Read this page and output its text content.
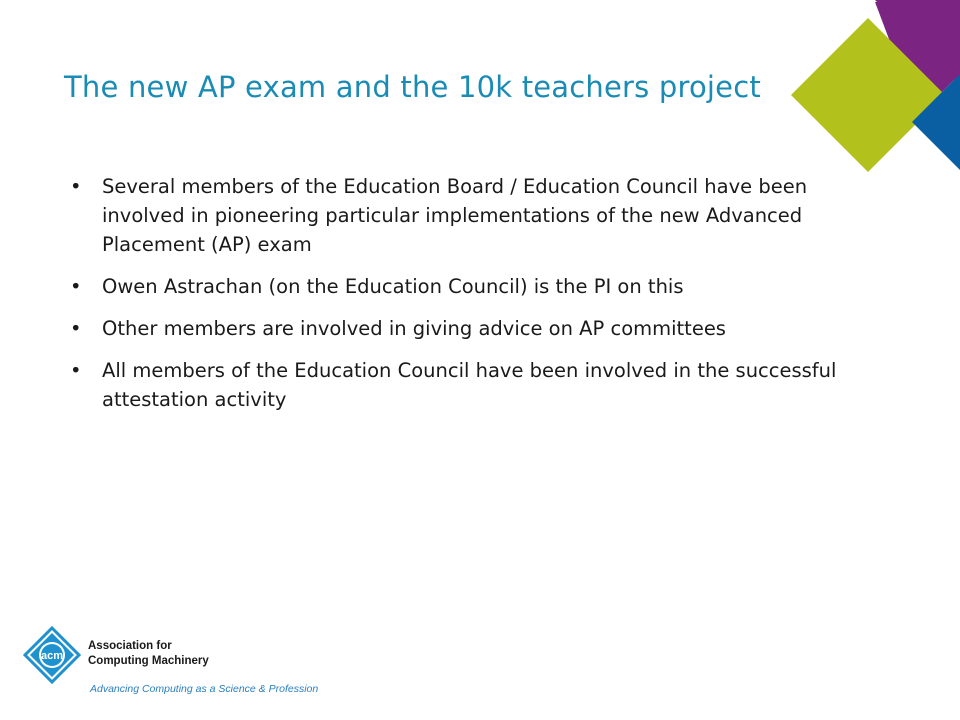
The new AP exam and the 10k teachers project
• Several members of the Education Board / Education Council have been involved in pioneering particular implementations of the new Advanced Placement (AP) exam
• Owen Astrachan (on the Education Council) is the PI on this
• Other members are involved in giving advice on AP committees
• All members of the Education Council have been involved in the successful attestation activity
acm
Association for
Computing Machinery
Advancing Computing as a Science & Profession
